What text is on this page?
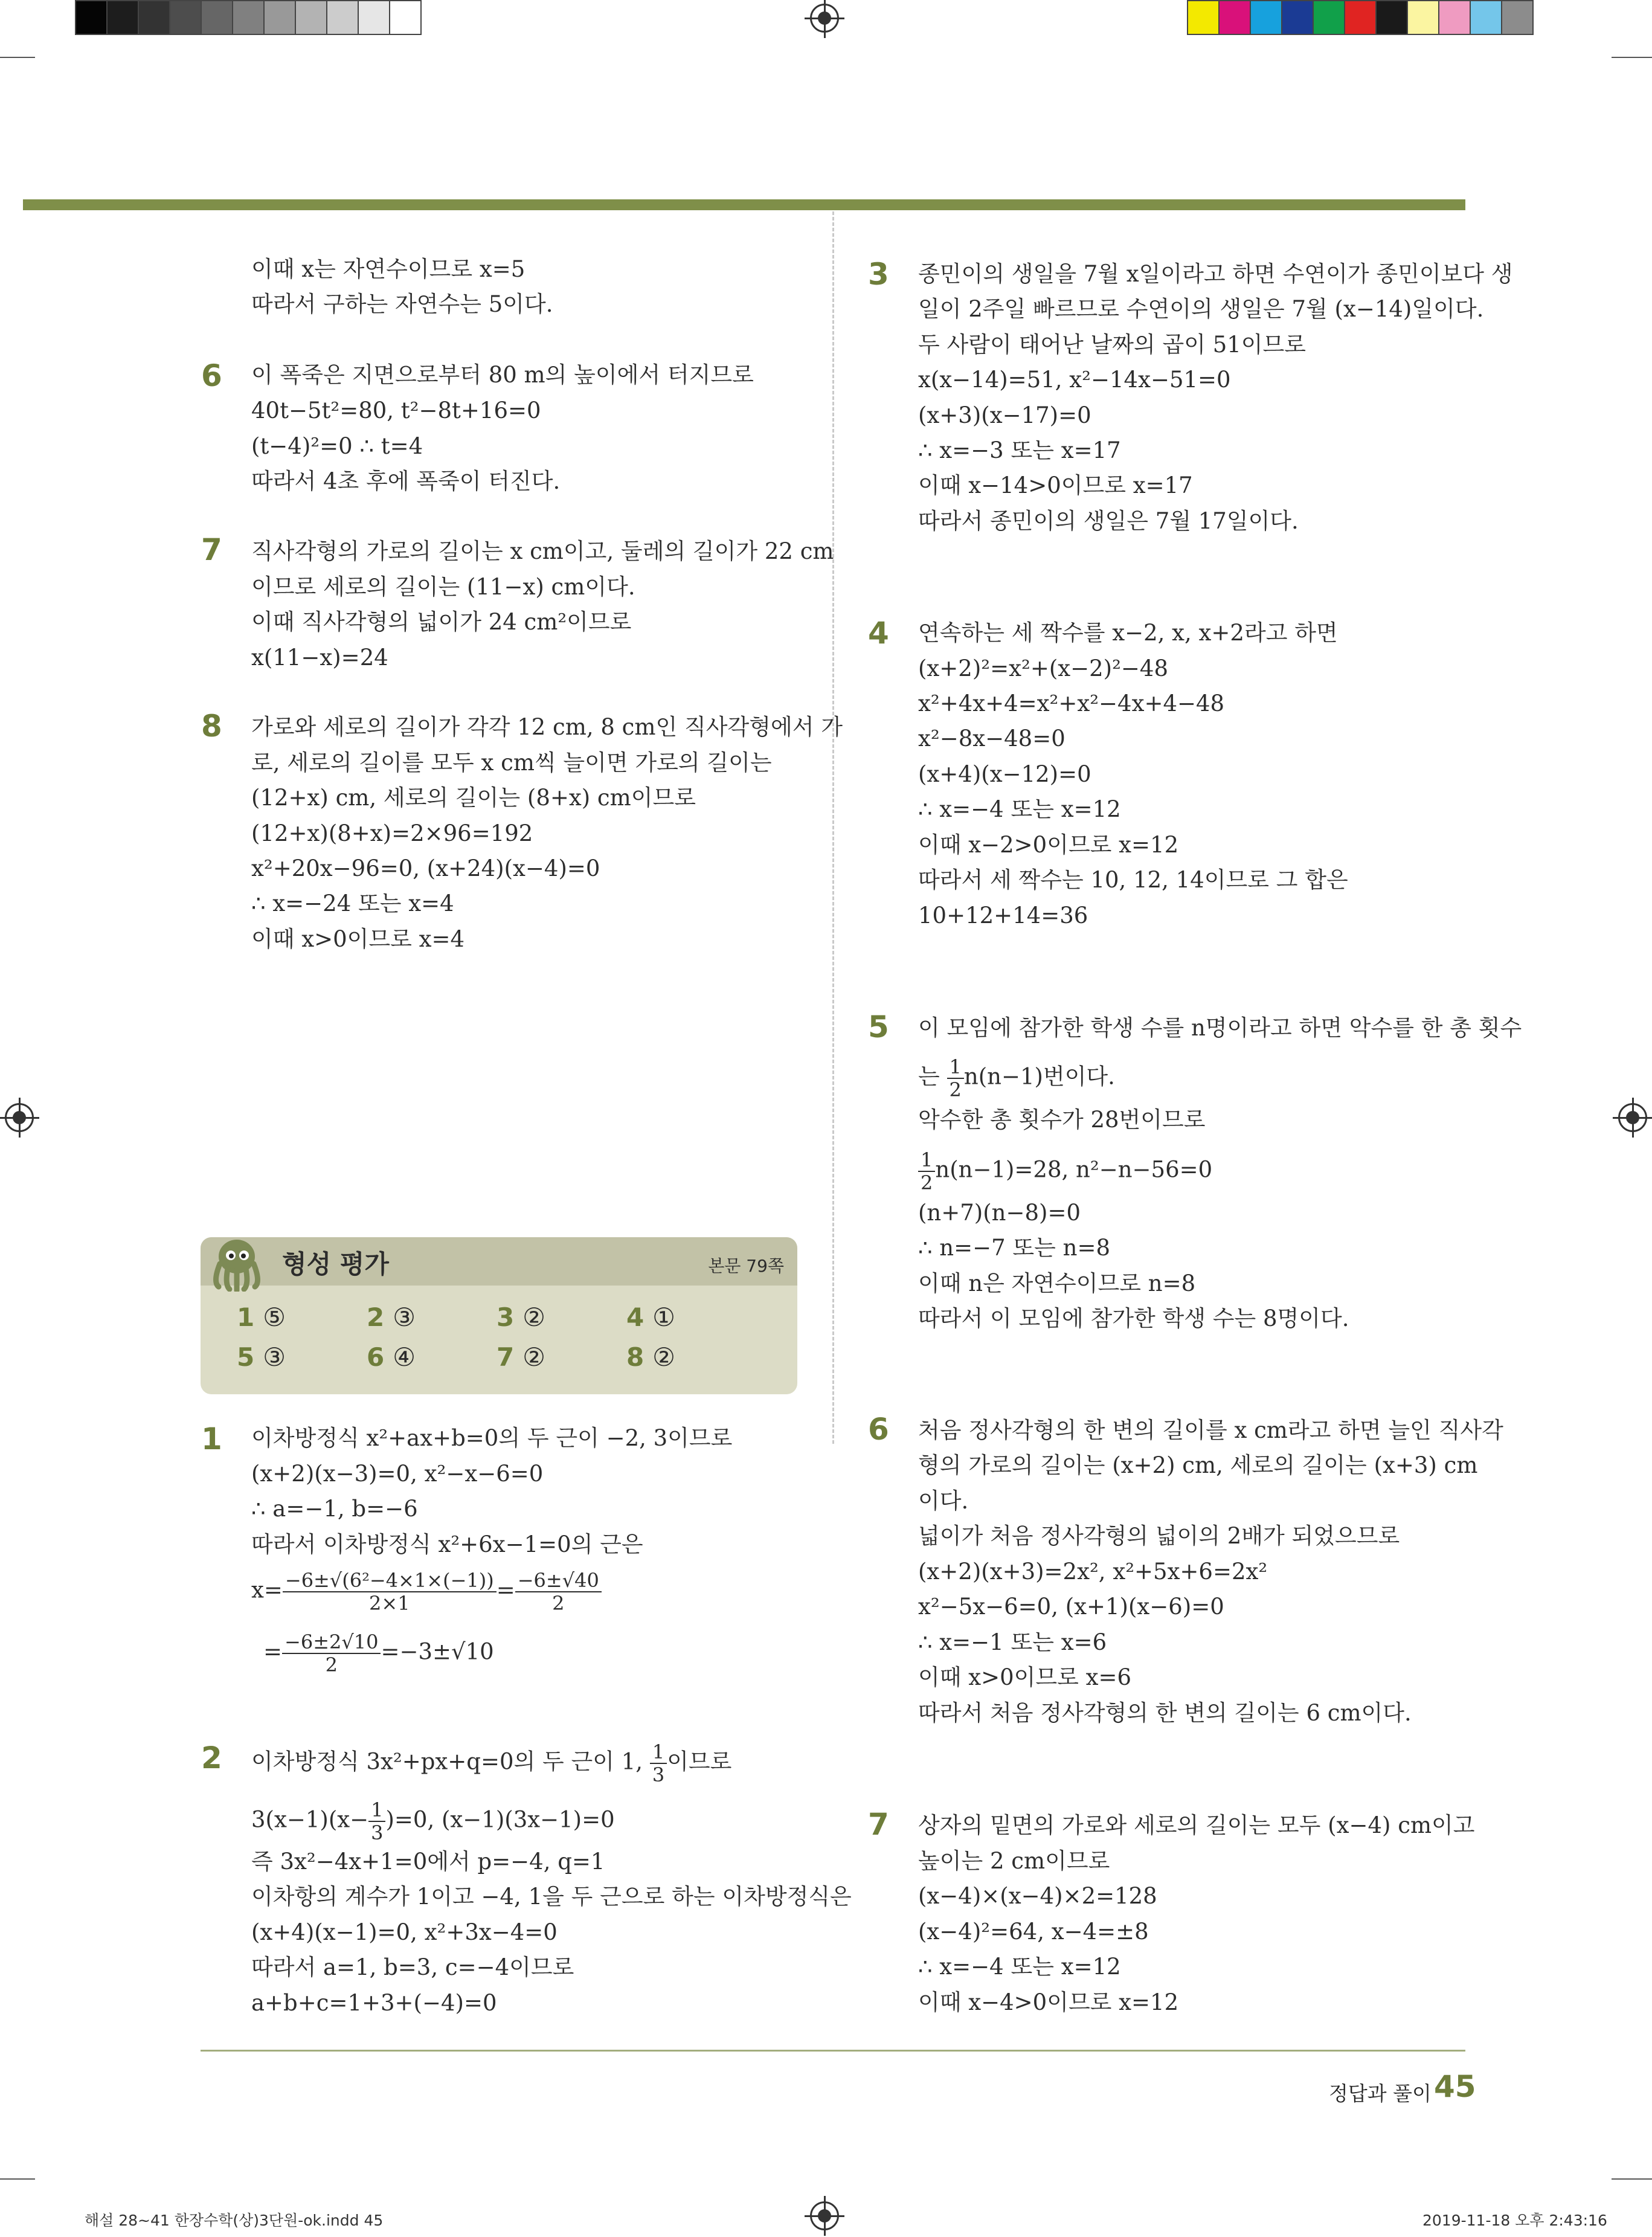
이때 x는 자연수이므로 x=5
따라서 구하는 자연수는 5이다.
6 이 폭죽은 지면으로부터 80 m의 높이에서 터지므로
40t−5t²=80, t²−8t+16=0
(t−4)²=0 ∴ t=4
따라서 4초 후에 폭죽이 터진다.
7 직사각형의 가로의 길이는 x cm이고, 둘레의 길이가 22 cm
이므로 세로의 길이는 (11−x) cm이다.
이때 직사각형의 넓이가 24 cm²이므로
x(11−x)=24
8 가로와 세로의 길이가 각각 12 cm, 8 cm인 직사각형에서 가
로, 세로의 길이를 모두 x cm씩 늘이면 가로의 길이는
(12+x) cm, 세로의 길이는 (8+x) cm이므로
(12+x)(8+x)=2×96=192
x²+20x−96=0, (x+24)(x−4)=0
∴ x=−24 또는 x=4
이때 x>0이므로 x=4
형성 평가	본문 79쪽
1 ⑤	2 ③	3 ②	4 ①
5 ③	6 ④	7 ②	8 ②
1 이차방정식 x²+ax+b=0의 두 근이 −2, 3이므로
(x+2)(x−3)=0, x²−x−6=0
∴ a=−1, b=−6
따라서 이차방정식 x²+6x−1=0의 근은
$x= \frac{\text{−6±√(6²−4×1×(−1))}}{2\times 1} = \frac{-6\pm√40}{2}$
= $\frac{-6\pm 2√10}{2} =-3\pm√10$
2 이차방정식 3x²+px+q=0의 두 근이 1, $\frac{1}{3}$ 이므로
$3(x-1)(x- \frac{1}{3} )=0$, (x−1)(3x−1)=0
즉 3x²−4x+1=0에서 p=−4, q=1
이차항의 계수가 1이고 −4, 1을 두 근으로 하는 이차방정식은
(x+4)(x−1)=0, x²+3x−4=0
따라서 a=1, b=3, c=−4이므로
a+b+c=1+3+(−4)=0
3 종민이의 생일을 7월 x일이라고 하면 수연이가 종민이보다 생
일이 2주일 빠르므로 수연이의 생일은 7월 (x−14)일이다.
두 사람이 태어난 날짜의 곱이 51이므로
x(x−14)=51, x²−14x−51=0
(x+3)(x−17)=0
∴ x=−3 또는 x=17
이때 x−14>0이므로 x=17
따라서 종민이의 생일은 7월 17일이다.
4 연속하는 세 짝수를 x−2, x, x+2라고 하면
(x+2)²=x²+(x−2)²−48
x²+4x+4=x²+x²−4x+4−48
x²−8x−48=0
(x+4)(x−12)=0
∴ x=−4 또는 x=12
이때 x−2>0이므로 x=12
따라서 세 짝수는 10, 12, 14이므로 그 합은
10+12+14=36
5 이 모임에 참가한 학생 수를 n명이라고 하면 악수를 한 총 횟수
는 $\frac{1}{2} n(n-1)$번이다.
악수한 총 횟수가 28번이므로
$\frac{1}{2} n(n-1)=28$, n²−n−56=0
(n+7)(n−8)=0
∴ n=−7 또는 n=8
이때 n은 자연수이므로 n=8
따라서 이 모임에 참가한 학생 수는 8명이다.
6 처음 정사각형의 한 변의 길이를 x cm라고 하면 늘인 직사각
형의 가로의 길이는 (x+2) cm, 세로의 길이는 (x+3) cm
이다.
넓이가 처음 정사각형의 넓이의 2배가 되었으므로
(x+2)(x+3)=2x², x²+5x+6=2x²
x²−5x−6=0, (x+1)(x−6)=0
∴ x=−1 또는 x=6
이때 x>0이므로 x=6
따라서 처음 정사각형의 한 변의 길이는 6 cm이다.
7 상자의 밑면의 가로와 세로의 길이는 모두 (x−4) cm이고
높이는 2 cm이므로
(x−4)×(x−4)×2=128
(x−4)²=64, x−4=±8
∴ x=−4 또는 x=12
이때 x−4>0이므로 x=12
정답과 풀이 45
해설 28~41 한장수학(상)3단원-ok.indd 45	2019-11-18 오후 2:43:16
